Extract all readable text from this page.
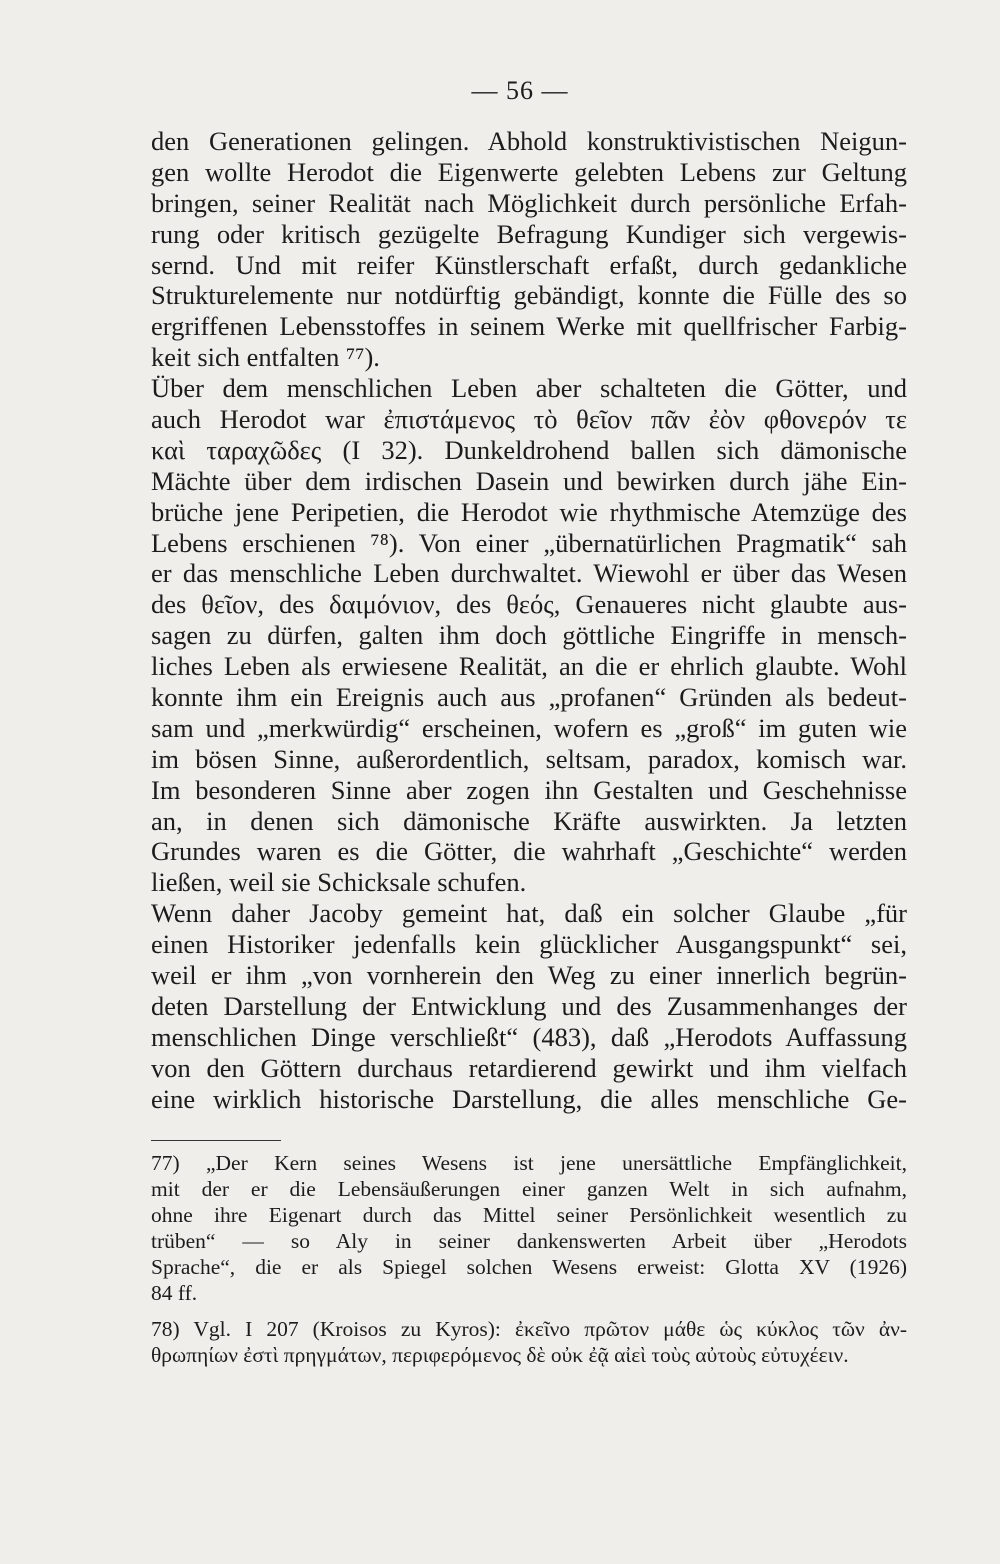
— 56 —
den Generationen gelingen. Abhold konstruktivistischen Neigun-
gen wollte Herodot die Eigenwerte gelebten Lebens zur Geltung
bringen, seiner Realität nach Möglichkeit durch persönliche Erfah-
rung oder kritisch gezügelte Befragung Kundiger sich vergewis-
sernd. Und mit reifer Künstlerschaft erfaßt, durch gedankliche
Strukturelemente nur notdürftig gebändigt, konnte die Fülle des so
ergriffenen Lebensstoffes in seinem Werke mit quellfrischer Farbig-
keit sich entfalten ⁷⁷).
Über dem menschlichen Leben aber schalteten die Götter, und
auch Herodot war ἐπιστάμενος τὸ θεῖον πᾶν ἐὸν φθονερόν τε
καὶ ταραχῶδες (I 32). Dunkeldrohend ballen sich dämonische
Mächte über dem irdischen Dasein und bewirken durch jähe Ein-
brüche jene Peripetien, die Herodot wie rhythmische Atemzüge des
Lebens erschienen ⁷⁸). Von einer „übernatürlichen Pragmatik“ sah
er das menschliche Leben durchwaltet. Wiewohl er über das Wesen
des θεῖον, des δαιμόνιον, des θεός, Genaueres nicht glaubte aus-
sagen zu dürfen, galten ihm doch göttliche Eingriffe in mensch-
liches Leben als erwiesene Realität, an die er ehrlich glaubte. Wohl
konnte ihm ein Ereignis auch aus „profanen“ Gründen als bedeut-
sam und „merkwürdig“ erscheinen, wofern es „groß“ im guten wie
im bösen Sinne, außerordentlich, seltsam, paradox, komisch war.
Im besonderen Sinne aber zogen ihn Gestalten und Geschehnisse
an, in denen sich dämonische Kräfte auswirkten. Ja letzten
Grundes waren es die Götter, die wahrhaft „Geschichte“ werden
ließen, weil sie Schicksale schufen.
Wenn daher Jacoby gemeint hat, daß ein solcher Glaube „für
einen Historiker jedenfalls kein glücklicher Ausgangspunkt“ sei,
weil er ihm „von vornherein den Weg zu einer innerlich begrün-
deten Darstellung der Entwicklung und des Zusammenhanges der
menschlichen Dinge verschließt“ (483), daß „Herodots Auffassung
von den Göttern durchaus retardierend gewirkt und ihm vielfach
eine wirklich historische Darstellung, die alles menschliche Ge-
77) „Der Kern seines Wesens ist jene unersättliche Empfänglichkeit,
mit der er die Lebensäußerungen einer ganzen Welt in sich aufnahm,
ohne ihre Eigenart durch das Mittel seiner Persönlichkeit wesentlich zu
trüben“ — so Aly in seiner dankenswerten Arbeit über „Herodots
Sprache“, die er als Spiegel solchen Wesens erweist: Glotta XV (1926)
84 ff.
78) Vgl. I 207 (Kroisos zu Kyros): ἐκεῖνο πρῶτον μάθε ὡς κύκλος τῶν ἀν-
θρωπηίων ἐστὶ πρηγμάτων, περιφερόμενος δὲ οὐκ ἐᾷ αἰεὶ τοὺς αὐτοὺς εὐτυχέειν.
